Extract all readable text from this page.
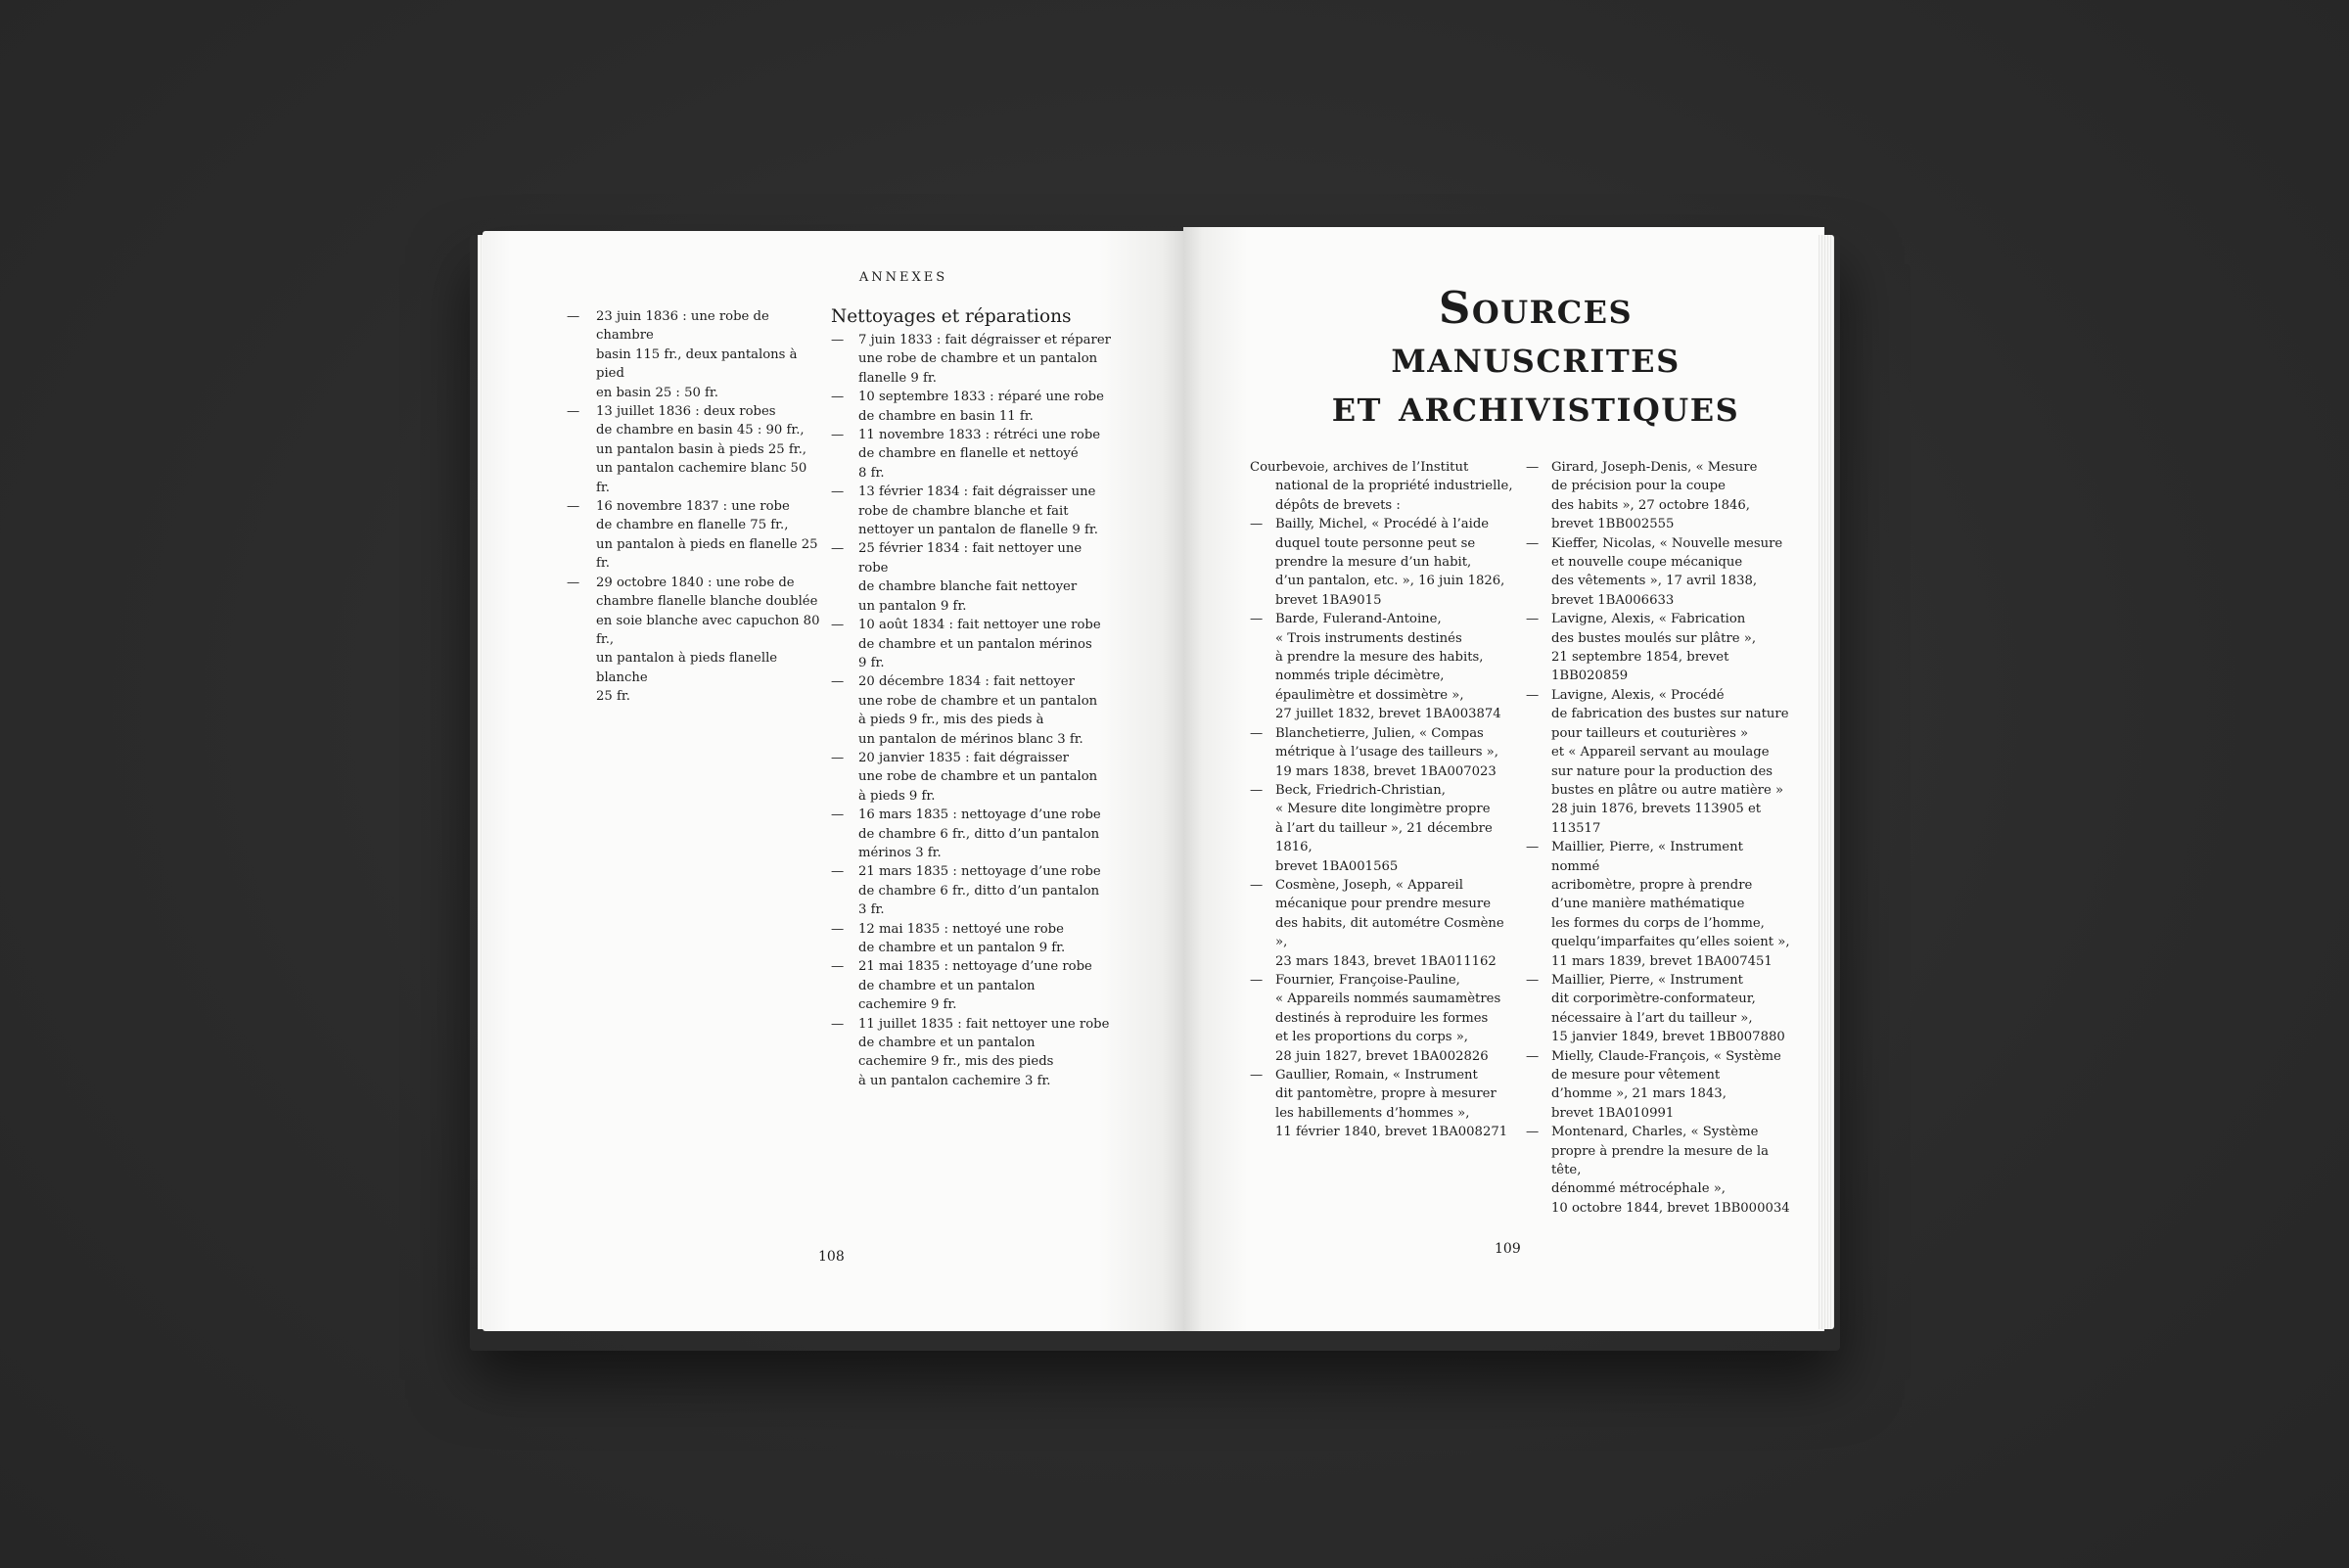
ANNEXES
— 23 juin 1836 : une robe de chambre
basin 115 fr., deux pantalons à pied
en basin 25 : 50 fr.
— 13 juillet 1836 : deux robes
de chambre en basin 45 : 90 fr.,
un pantalon basin à pieds 25 fr.,
un pantalon cachemire blanc 50 fr.
— 16 novembre 1837 : une robe
de chambre en flanelle 75 fr.,
un pantalon à pieds en flanelle 25 fr.
— 29 octobre 1840 : une robe de
chambre flanelle blanche doublée
en soie blanche avec capuchon 80 fr.,
un pantalon à pieds flanelle blanche
25 fr.
Nettoyages et réparations
— 7 juin 1833 : fait dégraisser et réparer
une robe de chambre et un pantalon
flanelle 9 fr.
— 10 septembre 1833 : réparé une robe
de chambre en basin 11 fr.
— 11 novembre 1833 : rétréci une robe
de chambre en flanelle et nettoyé
8 fr.
— 13 février 1834 : fait dégraisser une
robe de chambre blanche et fait
nettoyer un pantalon de flanelle 9 fr.
— 25 février 1834 : fait nettoyer une robe
de chambre blanche fait nettoyer
un pantalon 9 fr.
— 10 août 1834 : fait nettoyer une robe
de chambre et un pantalon mérinos
9 fr.
— 20 décembre 1834 : fait nettoyer
une robe de chambre et un pantalon
à pieds 9 fr., mis des pieds à
un pantalon de mérinos blanc 3 fr.
— 20 janvier 1835 : fait dégraisser
une robe de chambre et un pantalon
à pieds 9 fr.
— 16 mars 1835 : nettoyage d’une robe
de chambre 6 fr., ditto d’un pantalon
mérinos 3 fr.
— 21 mars 1835 : nettoyage d’une robe
de chambre 6 fr., ditto d’un pantalon
3 fr.
— 12 mai 1835 : nettoyé une robe
de chambre et un pantalon 9 fr.
— 21 mai 1835 : nettoyage d’une robe
de chambre et un pantalon
cachemire 9 fr.
— 11 juillet 1835 : fait nettoyer une robe
de chambre et un pantalon
cachemire 9 fr., mis des pieds
à un pantalon cachemire 3 fr.
108
Sources
manuscrites
et archivistiques
Courbevoie, archives de l’Institut
national de la propriété industrielle,
dépôts de brevets :
— Bailly, Michel, « Procédé à l’aide
duquel toute personne peut se
prendre la mesure d’un habit,
d’un pantalon, etc. », 16 juin 1826,
brevet 1BA9015
— Barde, Fulerand-Antoine,
« Trois instruments destinés
à prendre la mesure des habits,
nommés triple décimètre,
épaulimètre et dossimètre »,
27 juillet 1832, brevet 1BA003874
— Blanchetierre, Julien, « Compas
métrique à l’usage des tailleurs »,
19 mars 1838, brevet 1BA007023
— Beck, Friedrich-Christian,
« Mesure dite longimètre propre
à l’art du tailleur », 21 décembre 1816,
brevet 1BA001565
— Cosmène, Joseph, « Appareil
mécanique pour prendre mesure
des habits, dit autométre Cosmène »,
23 mars 1843, brevet 1BA011162
— Fournier, Françoise-Pauline,
« Appareils nommés saumamètres
destinés à reproduire les formes
et les proportions du corps »,
28 juin 1827, brevet 1BA002826
— Gaullier, Romain, « Instrument
dit pantomètre, propre à mesurer
les habillements d’hommes »,
11 février 1840, brevet 1BA008271
— Girard, Joseph-Denis, « Mesure
de précision pour la coupe
des habits », 27 octobre 1846,
brevet 1BB002555
— Kieffer, Nicolas, « Nouvelle mesure
et nouvelle coupe mécanique
des vêtements », 17 avril 1838,
brevet 1BA006633
— Lavigne, Alexis, « Fabrication
des bustes moulés sur plâtre »,
21 septembre 1854, brevet 1BB020859
— Lavigne, Alexis, « Procédé
de fabrication des bustes sur nature
pour tailleurs et couturières »
et « Appareil servant au moulage
sur nature pour la production des
bustes en plâtre ou autre matière »
28 juin 1876, brevets 113905 et 113517
— Maillier, Pierre, « Instrument nommé
acribomètre, propre à prendre
d’une manière mathématique
les formes du corps de l’homme,
quelqu’imparfaites qu’elles soient »,
11 mars 1839, brevet 1BA007451
— Maillier, Pierre, « Instrument
dit corporimètre-conformateur,
nécessaire à l’art du tailleur »,
15 janvier 1849, brevet 1BB007880
— Mielly, Claude-François, « Système
de mesure pour vêtement
d’homme », 21 mars 1843,
brevet 1BA010991
— Montenard, Charles, « Système
propre à prendre la mesure de la tête,
dénommé métrocéphale »,
10 octobre 1844, brevet 1BB000034
109
